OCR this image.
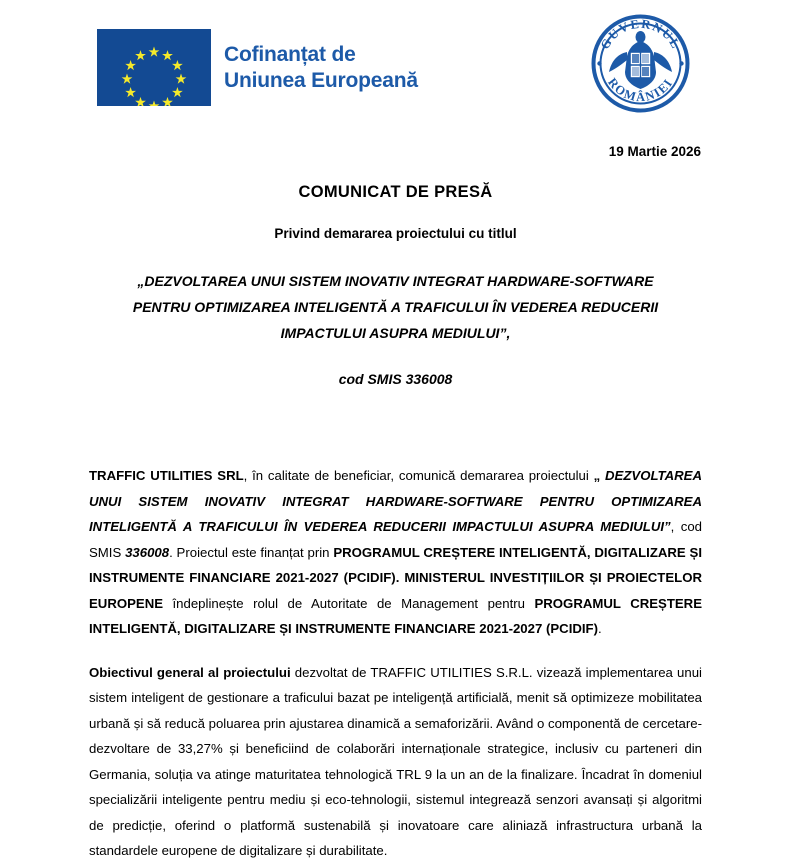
Cofinanțat de
Uniunea Europeană
GUVERNUL
ROMÂNIEI
19 Martie 2026
COMUNICAT DE PRESĂ
Privind demararea proiectului cu titlul
„DEZVOLTAREA UNUI SISTEM INOVATIV INTEGRAT HARDWARE-SOFTWARE
PENTRU OPTIMIZAREA INTELIGENTĂ A TRAFICULUI ÎN VEDEREA REDUCERII
IMPACTULUI ASUPRA MEDIULUI”,
cod SMIS 336008

TRAFFIC UTILITIES SRL, în calitate de beneficiar, comunică demararea proiectului „ DEZVOLTAREA UNUI SISTEM INOVATIV INTEGRAT HARDWARE-SOFTWARE PENTRU OPTIMIZAREA INTELIGENTĂ A TRAFICULUI ÎN VEDEREA REDUCERII IMPACTULUI ASUPRA MEDIULUI”, cod SMIS 336008. Proiectul este finanțat prin PROGRAMUL CREȘTERE INTELIGENTĂ, DIGITALIZARE ȘI INSTRUMENTE FINANCIARE 2021-2027 (PCIDIF). MINISTERUL INVESTIȚIILOR ȘI PROIECTELOR EUROPENE îndeplinește rolul de Autoritate de Management pentru PROGRAMUL CREȘTERE INTELIGENTĂ, DIGITALIZARE ȘI INSTRUMENTE FINANCIARE 2021-2027 (PCIDIF).

Obiectivul general al proiectului dezvoltat de TRAFFIC UTILITIES S.R.L. vizează implementarea unui sistem inteligent de gestionare a traficului bazat pe inteligență artificială, menit să optimizeze mobilitatea urbană și să reducă poluarea prin ajustarea dinamică a semaforizării. Având o componentă de cercetare-dezvoltare de 33,27% și beneficiind de colaborări internaționale strategice, inclusiv cu parteneri din Germania, soluția va atinge maturitatea tehnologică TRL 9 la un an de la finalizare. Încadrat în domeniul specializării inteligente pentru mediu și eco-tehnologii, sistemul integrează senzori avansați și algoritmi de predicție, oferind o platformă sustenabilă și inovatoare care aliniază infrastructura urbană la standardele europene de digitalizare și durabilitate.
